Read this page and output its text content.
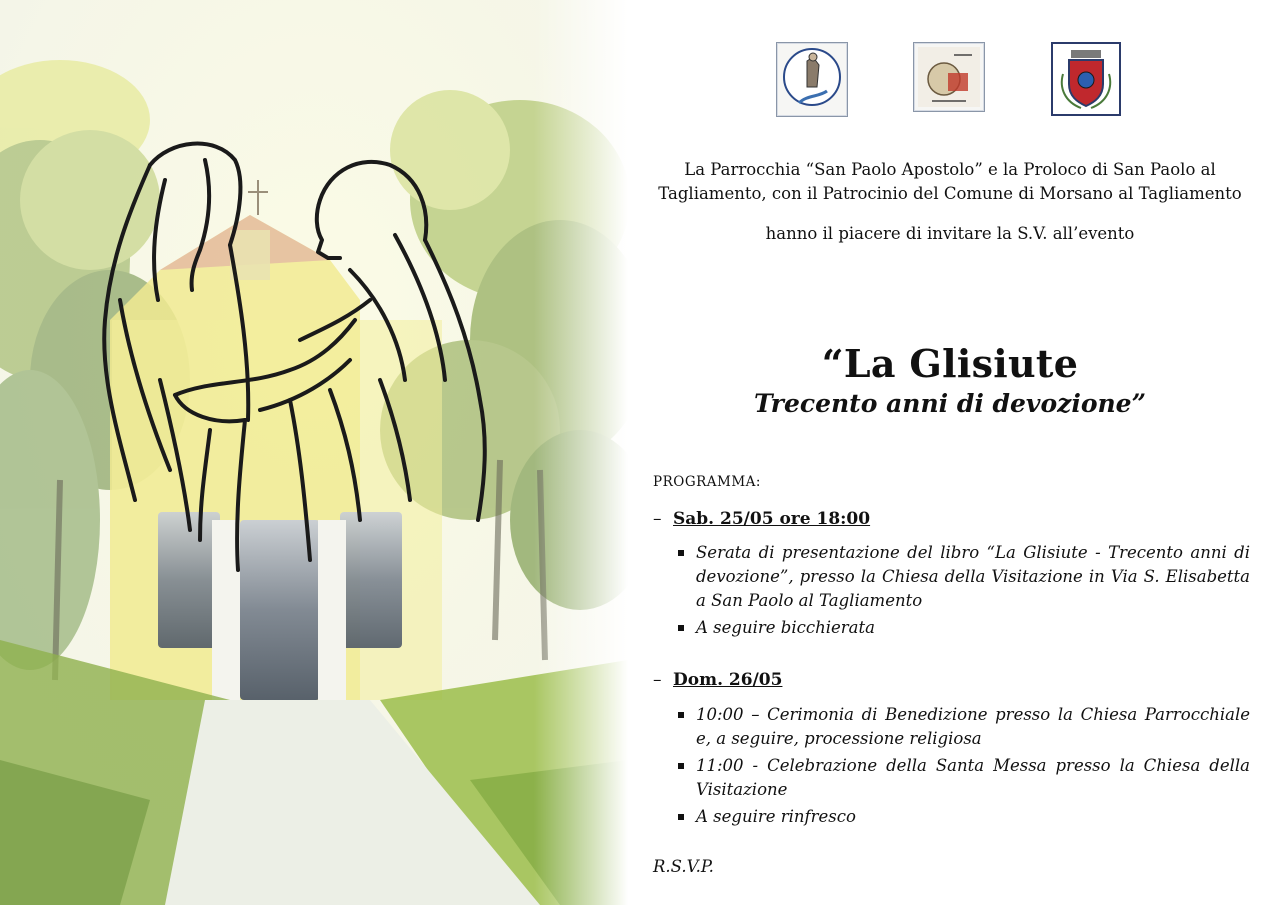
La Parrocchia “San Paolo Apostolo” e la Proloco di San Paolo al Tagliamento, con il Patrocinio del Comune di Morsano al Tagliamento
hanno il piacere di invitare la S.V. all’evento
“La Glisiute
Trecento anni di devozione”
PROGRAMMA:
– Sab. 25/05 ore 18:00
Serata di presentazione del libro “La Glisiute - Trecento anni di devozione”, presso la Chiesa della Visitazione in Via S. Elisabetta a San Paolo al Tagliamento
A seguire bicchierata
– Dom. 26/05
10:00 – Cerimonia di Benedizione presso la Chiesa Parrocchiale e, a seguire, processione religiosa
11:00 - Celebrazione della Santa Messa presso la Chiesa della Visitazione
A seguire rinfresco
R.S.V.P.
